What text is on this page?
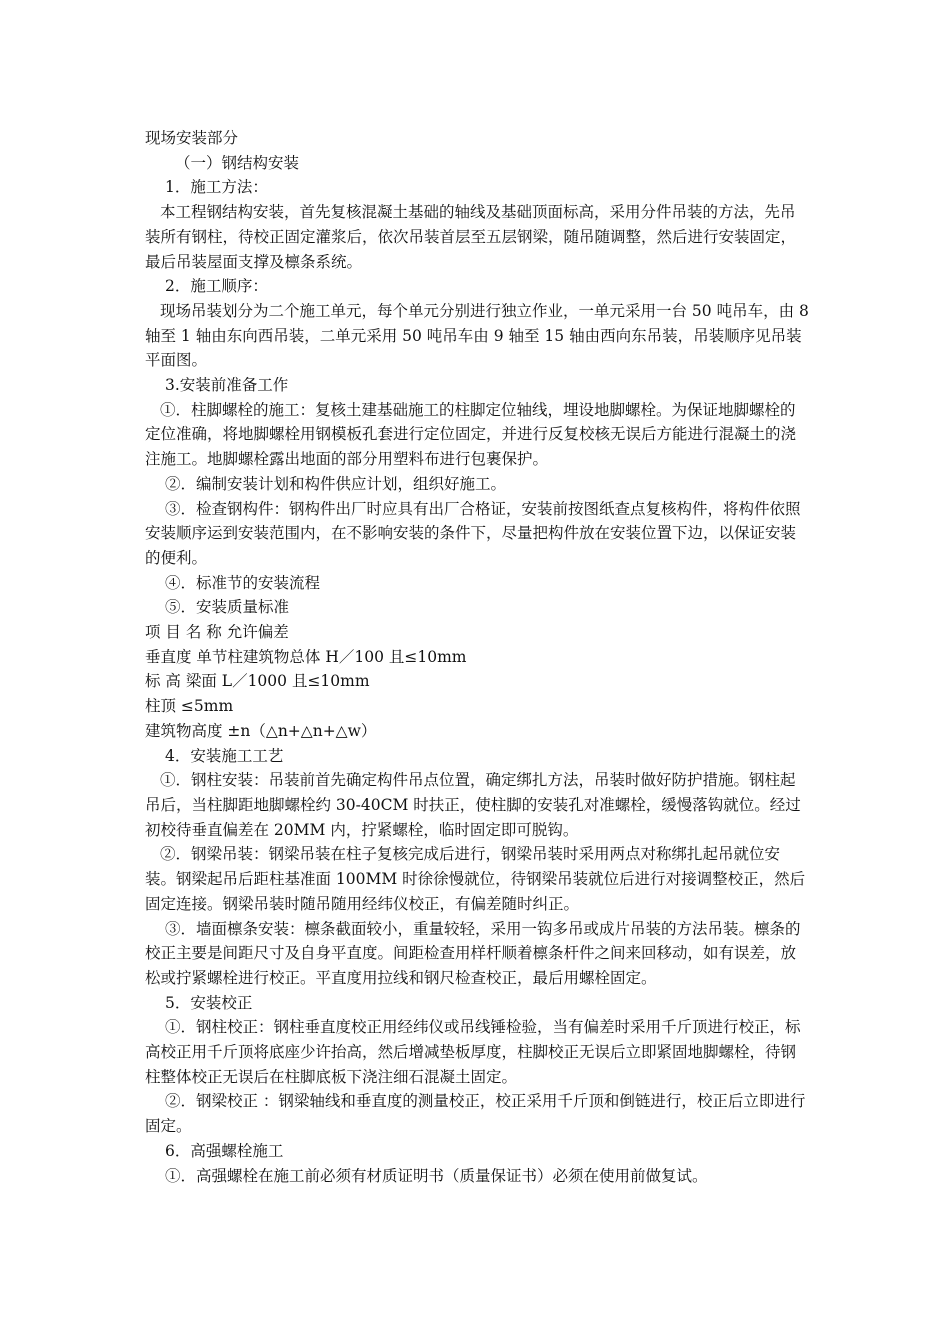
现场安装部分

（一）钢结构安装

1．施工方法：

本工程钢结构安装，首先复核混凝土基础的轴线及基础顶面标高，采用分件吊装的方法，先吊装所有钢柱，待校正固定灌浆后，依次吊装首层至五层钢梁，随吊随调整，然后进行安装固定，最后吊装屋面支撑及檩条系统。

2．施工顺序：

现场吊装划分为二个施工单元，每个单元分别进行独立作业，一单元采用一台 50 吨吊车，由 8 轴至 1 轴由东向西吊装，二单元采用 50 吨吊车由 9 轴至 15 轴由西向东吊装，吊装顺序见吊装平面图。

3.安装前准备工作

①．柱脚螺栓的施工：复核土建基础施工的柱脚定位轴线，埋设地脚螺栓。为保证地脚螺栓的定位准确，将地脚螺栓用钢模板孔套进行定位固定，并进行反复校核无误后方能进行混凝土的浇注施工。地脚螺栓露出地面的部分用塑料布进行包裹保护。

②．编制安装计划和构件供应计划，组织好施工。

③．检查钢构件：钢构件出厂时应具有出厂合格证，安装前按图纸查点复核构件，将构件依照安装顺序运到安装范围内，在不影响安装的条件下，尽量把构件放在安装位置下边，以保证安装的便利。

④．标准节的安装流程

⑤．安装质量标准

项 目 名 称 允许偏差

垂直度 单节柱建筑物总体 H／100 且≤10mm

标 高 梁面 L／1000 且≤10mm

柱顶 ≤5mm

建筑物高度 ±n（△n+△n+△w）

4．安装施工工艺

①．钢柱安装：吊装前首先确定构件吊点位置，确定绑扎方法，吊装时做好防护措施。钢柱起吊后，当柱脚距地脚螺栓约 30-40CM 时扶正，使柱脚的安装孔对准螺栓，缓慢落钩就位。经过初校待垂直偏差在 20MM 内，拧紧螺栓，临时固定即可脱钩。

②．钢梁吊装：钢梁吊装在柱子复核完成后进行，钢梁吊装时采用两点对称绑扎起吊就位安装。钢梁起吊后距柱基准面 100MM 时徐徐慢就位，待钢梁吊装就位后进行对接调整校正，然后固定连接。钢梁吊装时随吊随用经纬仪校正，有偏差随时纠正。

③．墙面檩条安装：檩条截面较小，重量较轻，采用一钩多吊或成片吊装的方法吊装。檩条的校正主要是间距尺寸及自身平直度。间距检查用样杆顺着檩条杆件之间来回移动，如有误差，放松或拧紧螺栓进行校正。平直度用拉线和钢尺检查校正，最后用螺栓固定。

5．安装校正

①．钢柱校正：钢柱垂直度校正用经纬仪或吊线锤检验，当有偏差时采用千斤顶进行校正，标高校正用千斤顶将底座少许抬高，然后增减垫板厚度，柱脚校正无误后立即紧固地脚螺栓，待钢柱整体校正无误后在柱脚底板下浇注细石混凝土固定。

②．钢梁校正 ：钢梁轴线和垂直度的测量校正，校正采用千斤顶和倒链进行，校正后立即进行固定。

6．高强螺栓施工

①．高强螺栓在施工前必须有材质证明书（质量保证书）必须在使用前做复试。
